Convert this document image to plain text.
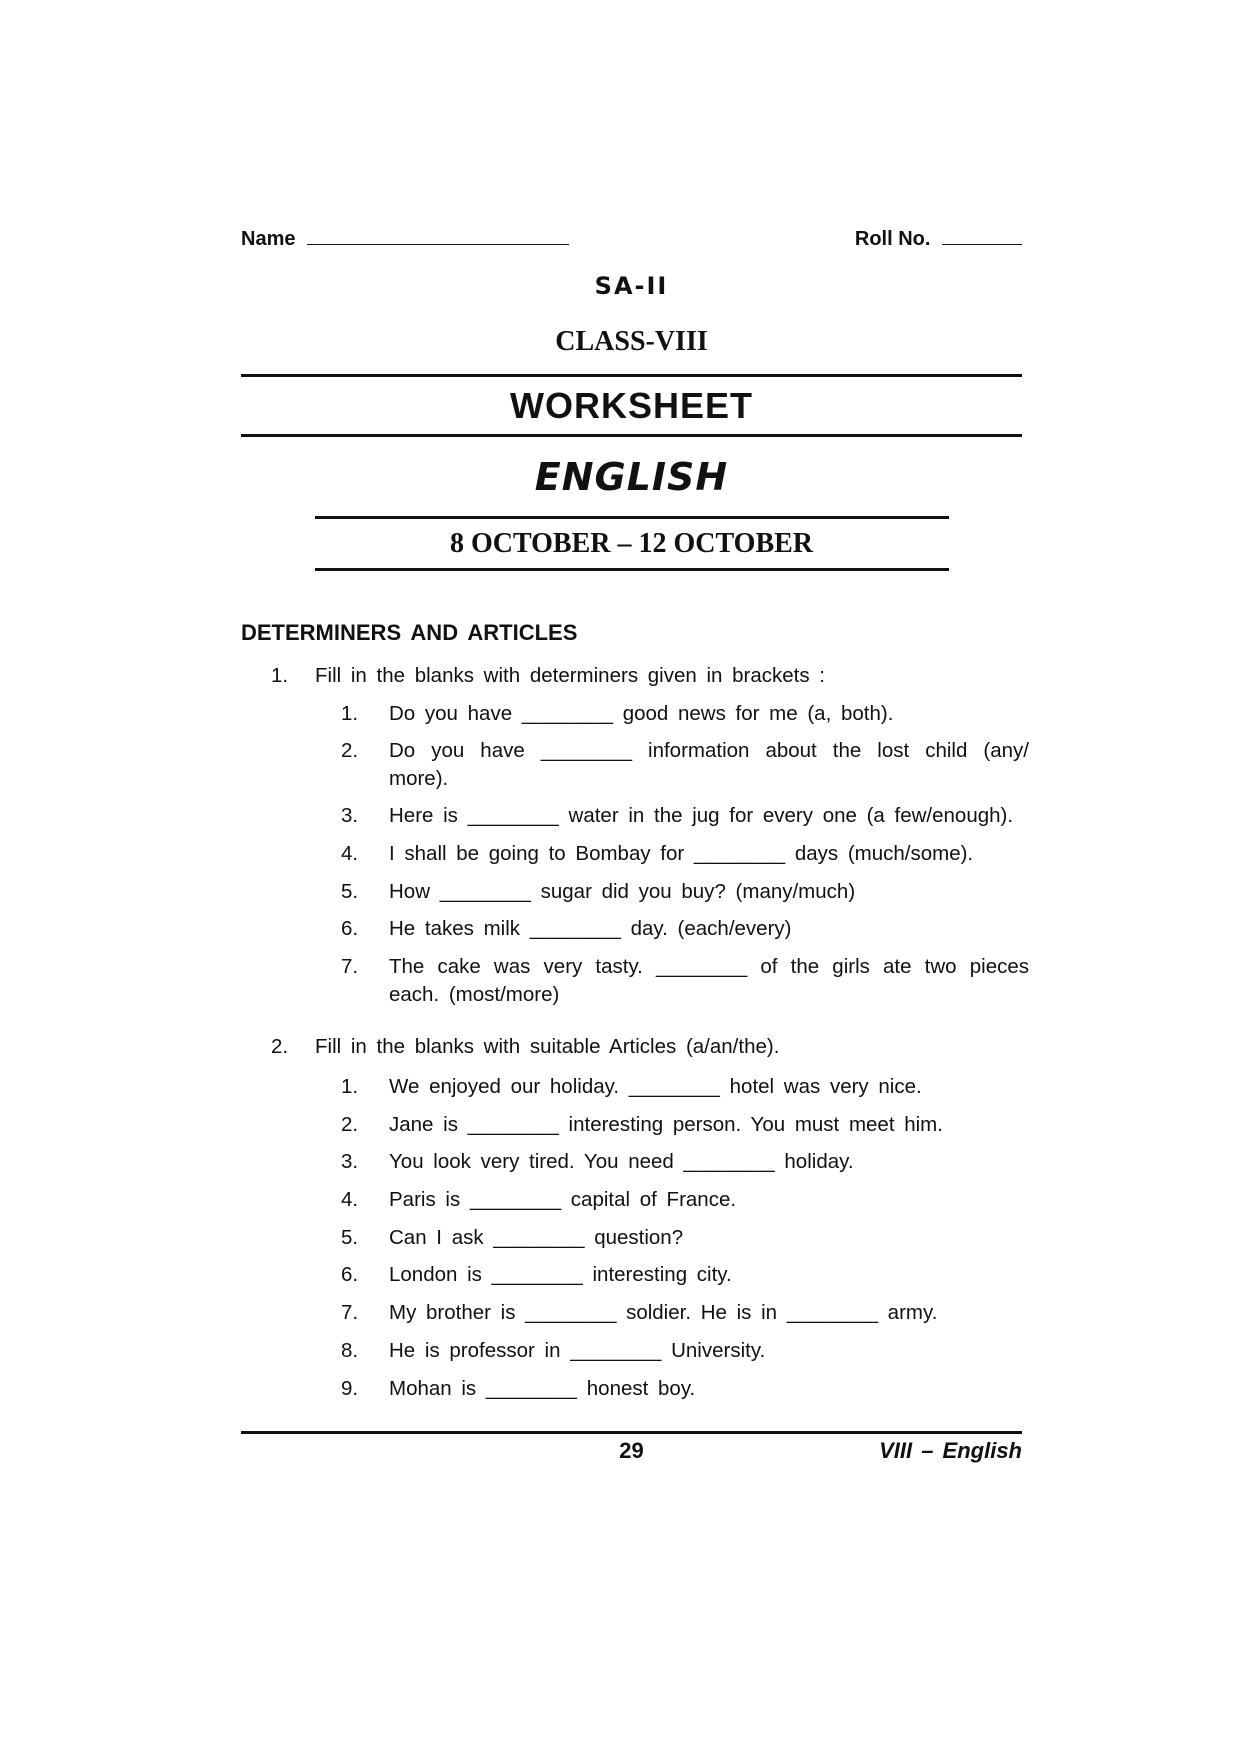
Name	Roll No.
SA-II
CLASS-VIII
WORKSHEET
ENGLISH
8 OCTOBER – 12 OCTOBER
DETERMINERS AND ARTICLES
1. Fill in the blanks with determiners given in brackets :
1. Do you have ________ good news for me (a, both).
2. Do you have ________ information about the lost child (any/ more).
3. Here is ________ water in the jug for every one (a few/enough).
4. I shall be going to Bombay for ________ days (much/some).
5. How ________ sugar did you buy? (many/much)
6. He takes milk ________ day. (each/every)
7. The cake was very tasty. ________ of the girls ate two pieces each. (most/more)
2. Fill in the blanks with suitable Articles (a/an/the).
1. We enjoyed our holiday. ________ hotel was very nice.
2. Jane is ________ interesting person. You must meet him.
3. You look very tired. You need ________ holiday.
4. Paris is ________ capital of France.
5. Can I ask ________ question?
6. London is ________ interesting city.
7. My brother is ________ soldier. He is in ________ army.
8. He is professor in ________ University.
9. Mohan is ________ honest boy.
29	VIII – English
